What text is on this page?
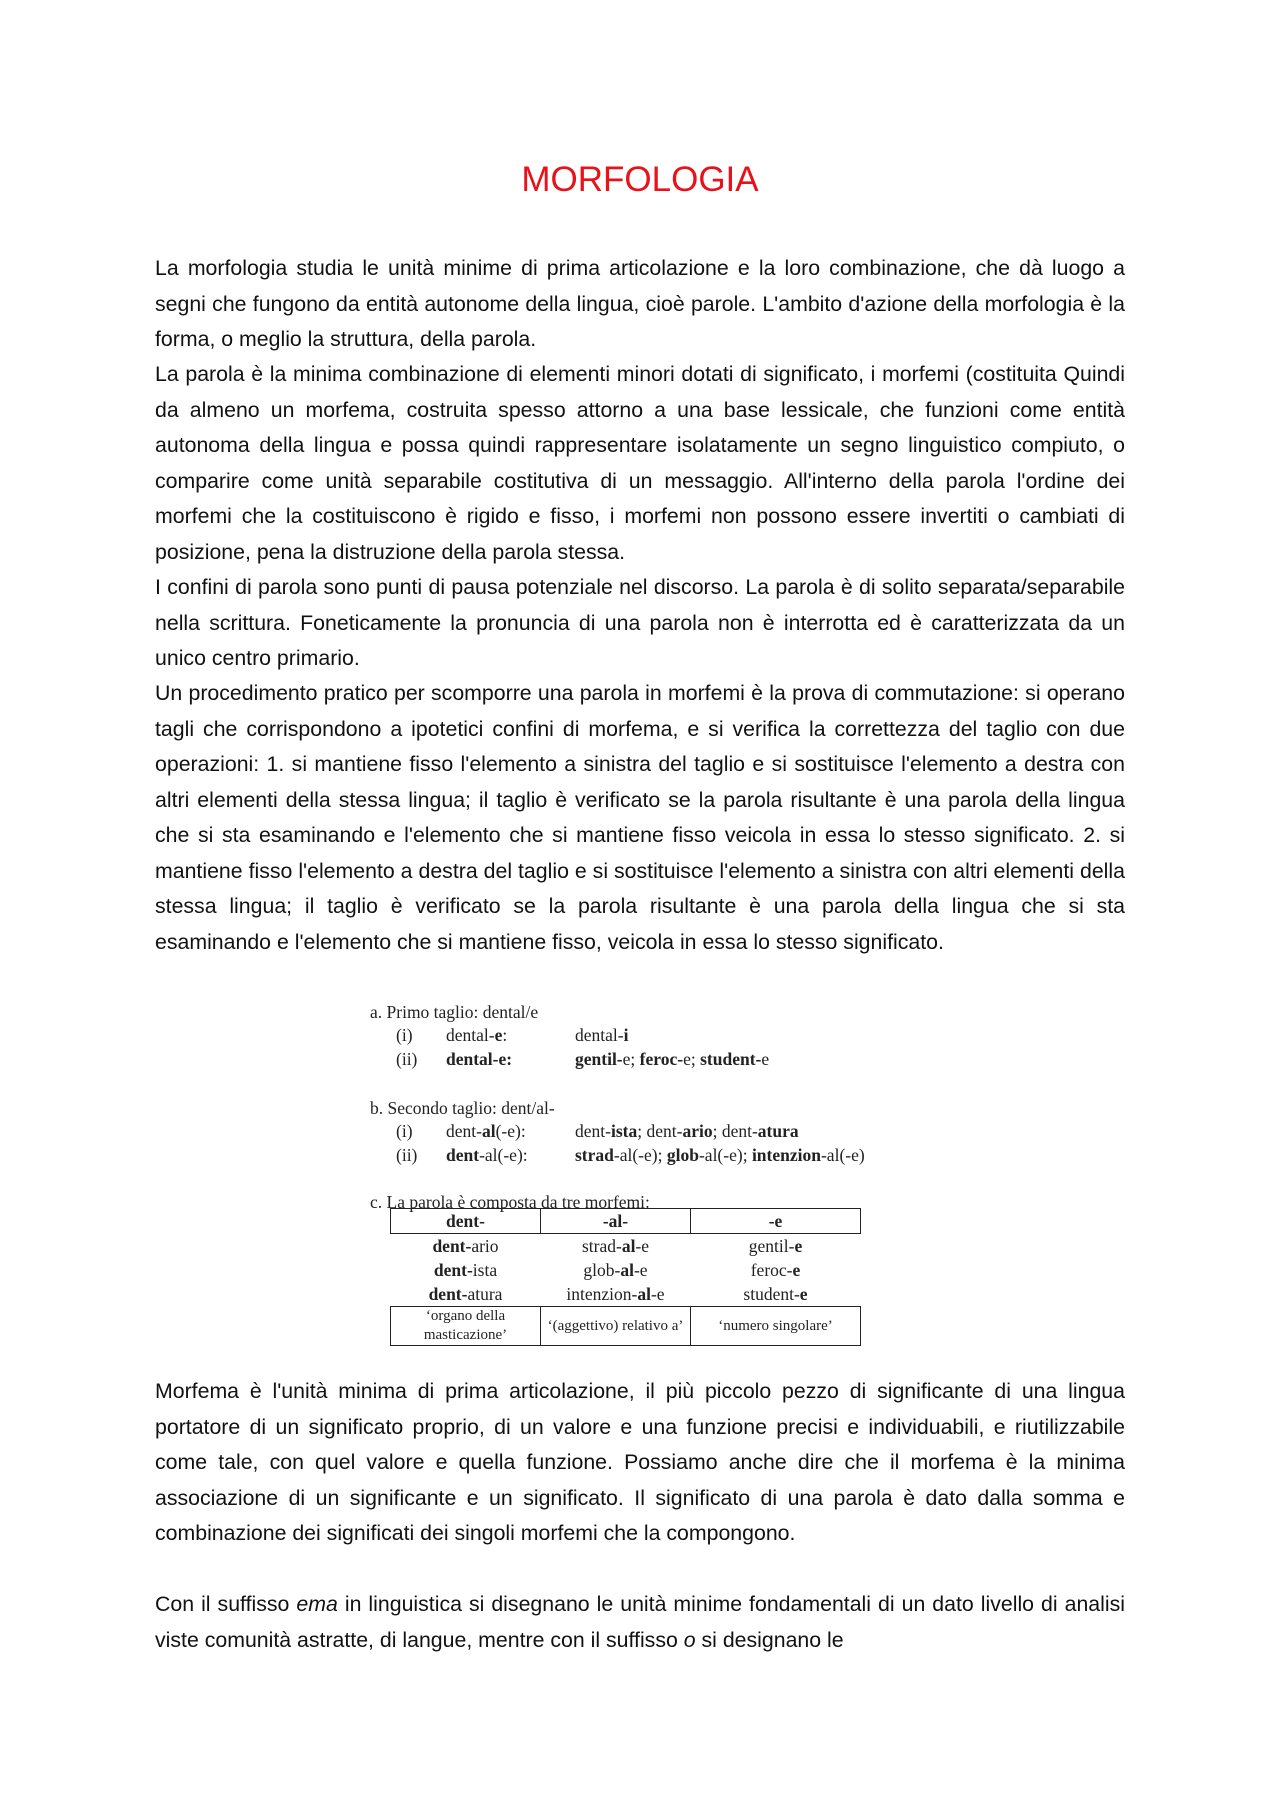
MORFOLOGIA

La morfologia studia le unità minime di prima articolazione e la loro combinazione, che dà luogo a segni che fungono da entità autonome della lingua, cioè parole. L'ambito d'azione della morfologia è la forma, o meglio la struttura, della parola.

La parola è la minima combinazione di elementi minori dotati di significato, i morfemi (costituita Quindi da almeno un morfema, costruita spesso attorno a una base lessicale, che funzioni come entità autonoma della lingua e possa quindi rappresentare isolatamente un segno linguistico compiuto, o comparire come unità separabile costitutiva di un messaggio. All'interno della parola l'ordine dei morfemi che la costituiscono è rigido e fisso, i morfemi non possono essere invertiti o cambiati di posizione, pena la distruzione della parola stessa.

I confini di parola sono punti di pausa potenziale nel discorso. La parola è di solito separata/separabile nella scrittura. Foneticamente la pronuncia di una parola non è interrotta ed è caratterizzata da un unico centro primario.

Un procedimento pratico per scomporre una parola in morfemi è la prova di commutazione: si operano tagli che corrispondono a ipotetici confini di morfema, e si verifica la correttezza del taglio con due operazioni: 1. si mantiene fisso l'elemento a sinistra del taglio e si sostituisce l'elemento a destra con altri elementi della stessa lingua; il taglio è verificato se la parola risultante è una parola della lingua che si sta esaminando e l'elemento che si mantiene fisso veicola in essa lo stesso significato. 2. si mantiene fisso l'elemento a destra del taglio e si sostituisce l'elemento a sinistra con altri elementi della stessa lingua; il taglio è verificato se la parola risultante è una parola della lingua che si sta esaminando e l'elemento che si mantiene fisso, veicola in essa lo stesso significato.

a. Primo taglio: dental/e
(i) dental-e:	dental-i
(ii) dental-e:	gentil-e; feroc-e; student-e
b. Secondo taglio: dent/al-
(i) dent-al(-e):	dent-ista; dent-ario; dent-atura
(ii) dent-al(-e):	strad-al(-e); glob-al(-e); intenzion-al(-e)
c. La parola è composta da tre morfemi:
dent-	-al-	-e
dent-ario	strad-al-e	gentil-e
dent-ista	glob-al-e	feroc-e
dent-atura	intenzion-al-e	student-e
‘organo della masticazione’	‘(aggettivo) relativo a’	‘numero singolare’

Morfema è l'unità minima di prima articolazione, il più piccolo pezzo di significante di una lingua portatore di un significato proprio, di un valore e una funzione precisi e individuabili, e riutilizzabile come tale, con quel valore e quella funzione. Possiamo anche dire che il morfema è la minima associazione di un significante e un significato. Il significato di una parola è dato dalla somma e combinazione dei significati dei singoli morfemi che la compongono.

Con il suffisso ema in linguistica si disegnano le unità minime fondamentali di un dato livello di analisi viste comunità astratte, di langue, mentre con il suffisso o si designano le
